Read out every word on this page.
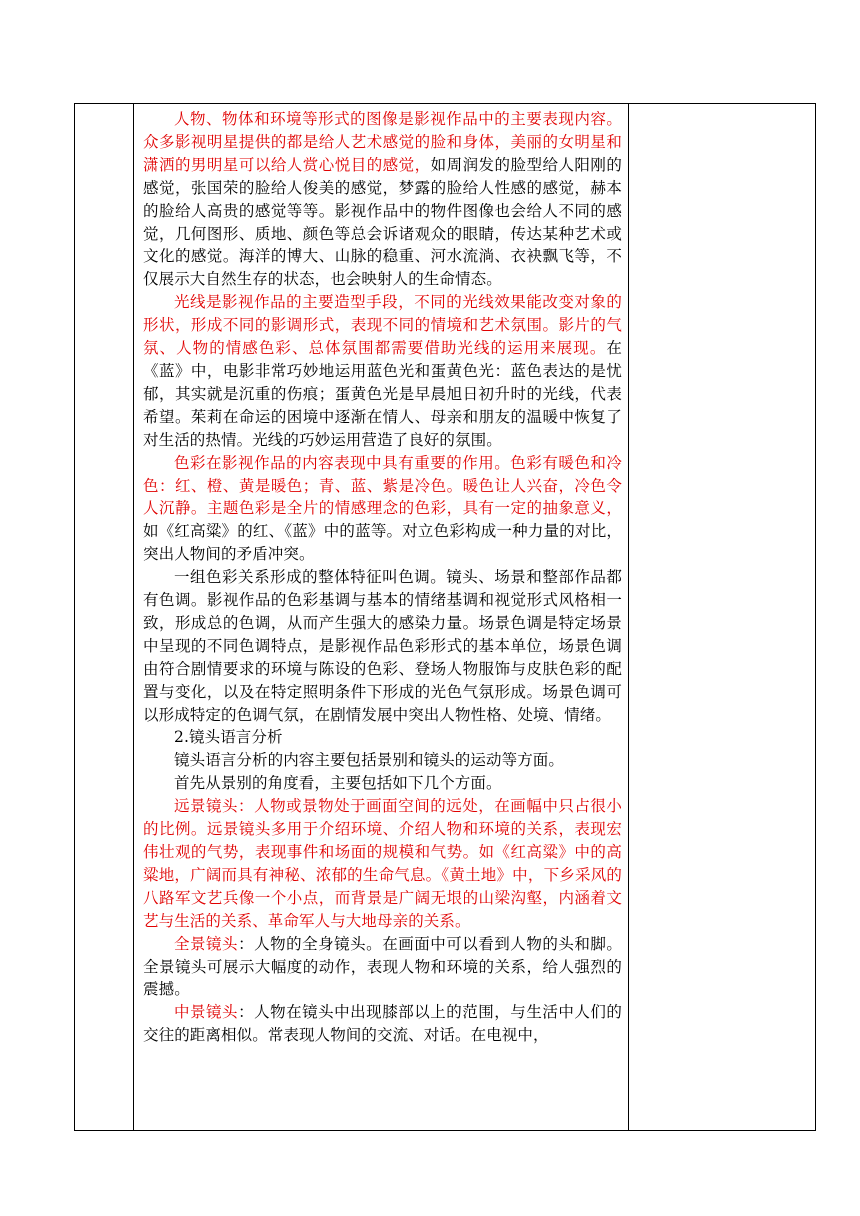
人物、物体和环境等形式的图像是影视作品中的主要表现内容。众多影视明星提供的都是给人艺术感觉的脸和身体，美丽的女明星和潇洒的男明星可以给人赏心悦目的感觉，如周润发的脸型给人阳刚的感觉，张国荣的脸给人俊美的感觉，梦露的脸给人性感的感觉，赫本的脸给人高贵的感觉等等。影视作品中的物件图像也会给人不同的感觉，几何图形、质地、颜色等总会诉诸观众的眼睛，传达某种艺术或文化的感觉。海洋的博大、山脉的稳重、河水流淌、衣袂飘飞等，不仅展示大自然生存的状态，也会映射人的生命情态。

光线是影视作品的主要造型手段，不同的光线效果能改变对象的形状，形成不同的影调形式，表现不同的情境和艺术氛围。影片的气氛、人物的情感色彩、总体氛围都需要借助光线的运用来展现。在《蓝》中，电影非常巧妙地运用蓝色光和蛋黄色光：蓝色表达的是忧郁，其实就是沉重的伤痕；蛋黄色光是早晨旭日初升时的光线，代表希望。茱莉在命运的困境中逐渐在情人、母亲和朋友的温暖中恢复了对生活的热情。光线的巧妙运用营造了良好的氛围。

色彩在影视作品的内容表现中具有重要的作用。色彩有暖色和冷色：红、橙、黄是暖色；青、蓝、紫是冷色。暖色让人兴奋，冷色令人沉静。主题色彩是全片的情感理念的色彩，具有一定的抽象意义，如《红高粱》的红、《蓝》中的蓝等。对立色彩构成一种力量的对比，突出人物间的矛盾冲突。

一组色彩关系形成的整体特征叫色调。镜头、场景和整部作品都有色调。影视作品的色彩基调与基本的情绪基调和视觉形式风格相一致，形成总的色调，从而产生强大的感染力量。场景色调是特定场景中呈现的不同色调特点，是影视作品色彩形式的基本单位，场景色调由符合剧情要求的环境与陈设的色彩、登场人物服饰与皮肤色彩的配置与变化，以及在特定照明条件下形成的光色气氛形成。场景色调可以形成特定的色调气氛，在剧情发展中突出人物性格、处境、情绪。

2.镜头语言分析

镜头语言分析的内容主要包括景别和镜头的运动等方面。

首先从景别的角度看，主要包括如下几个方面。

远景镜头：人物或景物处于画面空间的远处，在画幅中只占很小的比例。远景镜头多用于介绍环境、介绍人物和环境的关系，表现宏伟壮观的气势，表现事件和场面的规模和气势。如《红高粱》中的高粱地，广阔而具有神秘、浓郁的生命气息。《黄土地》中，下乡采风的八路军文艺兵像一个小点，而背景是广阔无垠的山梁沟壑，内涵着文艺与生活的关系、革命军人与大地母亲的关系。

全景镜头：人物的全身镜头。在画面中可以看到人物的头和脚。全景镜头可展示大幅度的动作，表现人物和环境的关系，给人强烈的震撼。

中景镜头：人物在镜头中出现膝部以上的范围，与生活中人们的交往的距离相似。常表现人物间的交流、对话。在电视中，
